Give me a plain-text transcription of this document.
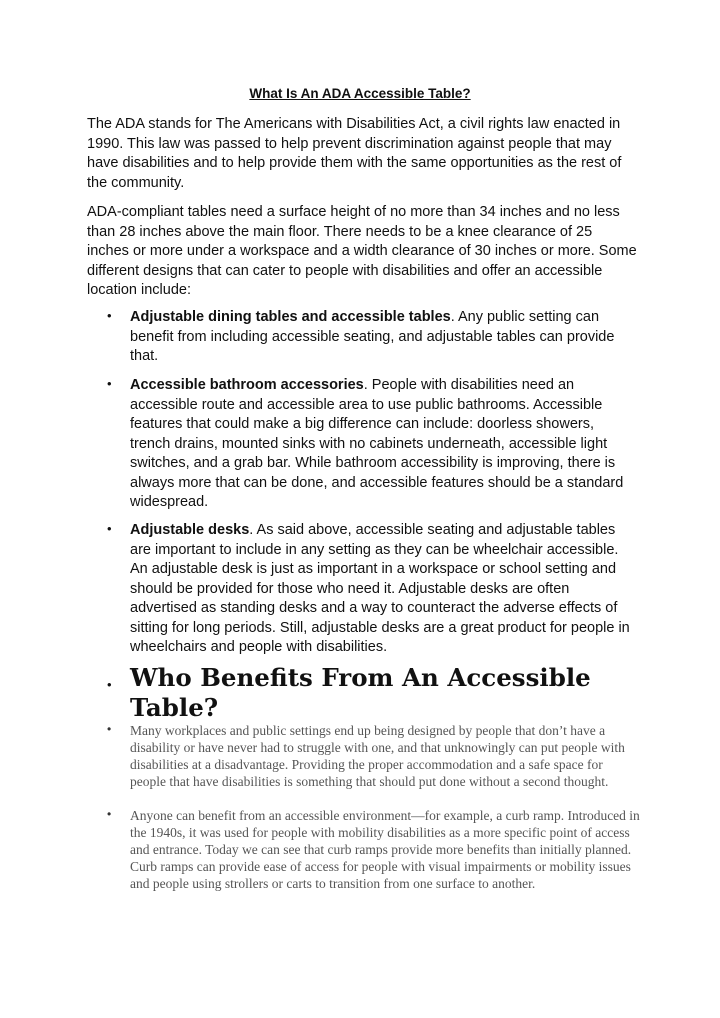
What Is An ADA Accessible Table?

The ADA stands for The Americans with Disabilities Act, a civil rights law enacted in 1990. This law was passed to help prevent discrimination against people that may have disabilities and to help provide them with the same opportunities as the rest of the community.

ADA-compliant tables need a surface height of no more than 34 inches and no less than 28 inches above the main floor. There needs to be a knee clearance of 25 inches or more under a workspace and a width clearance of 30 inches or more. Some different designs that can cater to people with disabilities and offer an accessible location include:

• Adjustable dining tables and accessible tables. Any public setting can benefit from including accessible seating, and adjustable tables can provide that.
• Accessible bathroom accessories. People with disabilities need an accessible route and accessible area to use public bathrooms. Accessible features that could make a big difference can include: doorless showers, trench drains, mounted sinks with no cabinets underneath, accessible light switches, and a grab bar. While bathroom accessibility is improving, there is always more that can be done, and accessible features should be a standard widespread.
• Adjustable desks. As said above, accessible seating and adjustable tables are important to include in any setting as they can be wheelchair accessible. An adjustable desk is just as important in a workspace or school setting and should be provided for those who need it. Adjustable desks are often advertised as standing desks and a way to counteract the adverse effects of sitting for long periods. Still, adjustable desks are a great product for people in wheelchairs and people with disabilities.
• Who Benefits From An Accessible Table?
• Many workplaces and public settings end up being designed by people that don’t have a disability or have never had to struggle with one, and that unknowingly can put people with disabilities at a disadvantage. Providing the proper accommodation and a safe space for people that have disabilities is something that should put done without a second thought.
• Anyone can benefit from an accessible environment—for example, a curb ramp. Introduced in the 1940s, it was used for people with mobility disabilities as a more specific point of access and entrance. Today we can see that curb ramps provide more benefits than initially planned. Curb ramps can provide ease of access for people with visual impairments or mobility issues and people using strollers or carts to transition from one surface to another.
